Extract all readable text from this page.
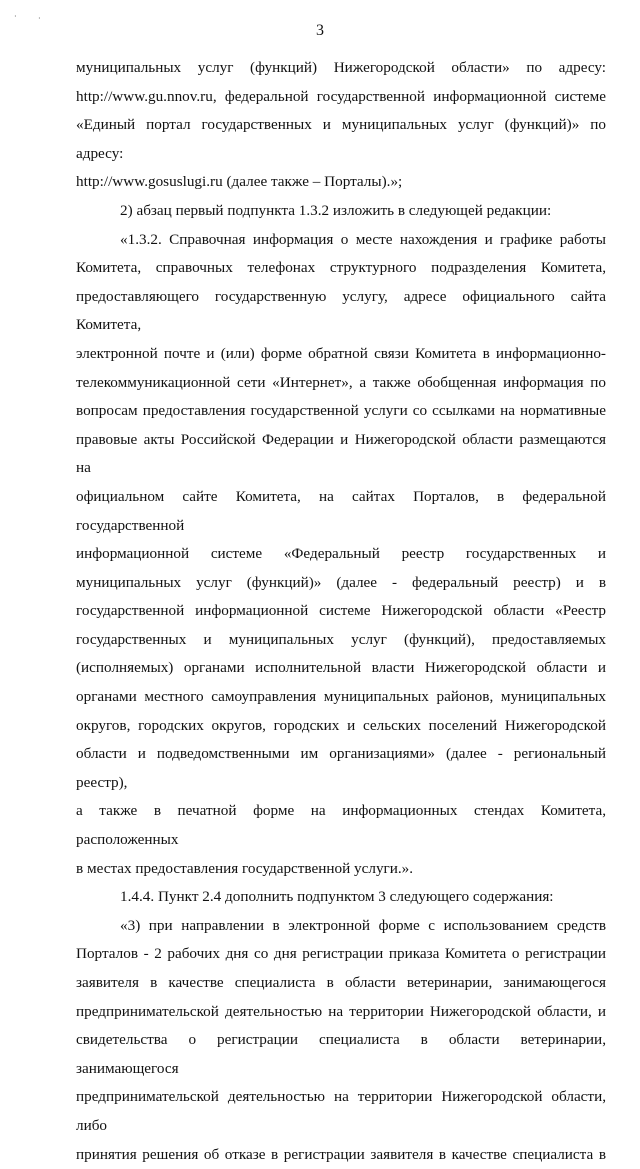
·	·
3

муниципальных услуг (функций) Нижегородской области» по адресу:
http://www.gu.nnov.ru, федеральной государственной информационной системе
«Единый портал государственных и муниципальных услуг (функций)» по адресу:
http://www.gosuslugi.ru (далее также – Порталы).»;

2) абзац первый подпункта 1.3.2 изложить в следующей редакции:

«1.3.2. Справочная информация о месте нахождения и графике работы
Комитета, справочных телефонах структурного подразделения Комитета,
предоставляющего государственную услугу, адресе официального сайта Комитета,
электронной почте и (или) форме обратной связи Комитета в информационно-
телекоммуникационной сети «Интернет», а также обобщенная информация по
вопросам предоставления государственной услуги со ссылками на нормативные
правовые акты Российской Федерации и Нижегородской области размещаются на
официальном сайте Комитета, на сайтах Порталов, в федеральной государственной
информационной системе «Федеральный реестр государственных и
муниципальных услуг (функций)» (далее - федеральный реестр) и в
государственной информационной системе Нижегородской области «Реестр
государственных и муниципальных услуг (функций), предоставляемых
(исполняемых) органами исполнительной власти Нижегородской области и
органами местного самоуправления муниципальных районов, муниципальных
округов, городских округов, городских и сельских поселений Нижегородской
области и подведомственными им организациями» (далее - региональный реестр),
а также в печатной форме на информационных стендах Комитета, расположенных
в местах предоставления государственной услуги.».

1.4.4. Пункт 2.4 дополнить подпунктом 3 следующего содержания:

«3) при направлении в электронной форме с использованием средств
Порталов - 2 рабочих дня со дня регистрации приказа Комитета о регистрации
заявителя в качестве специалиста в области ветеринарии, занимающегося
предпринимательской деятельностью на территории Нижегородской области, и
свидетельства о регистрации специалиста в области ветеринарии, занимающегося
предпринимательской деятельностью на территории Нижегородской области, либо
принятия решения об отказе в регистрации заявителя в качестве специалиста в
